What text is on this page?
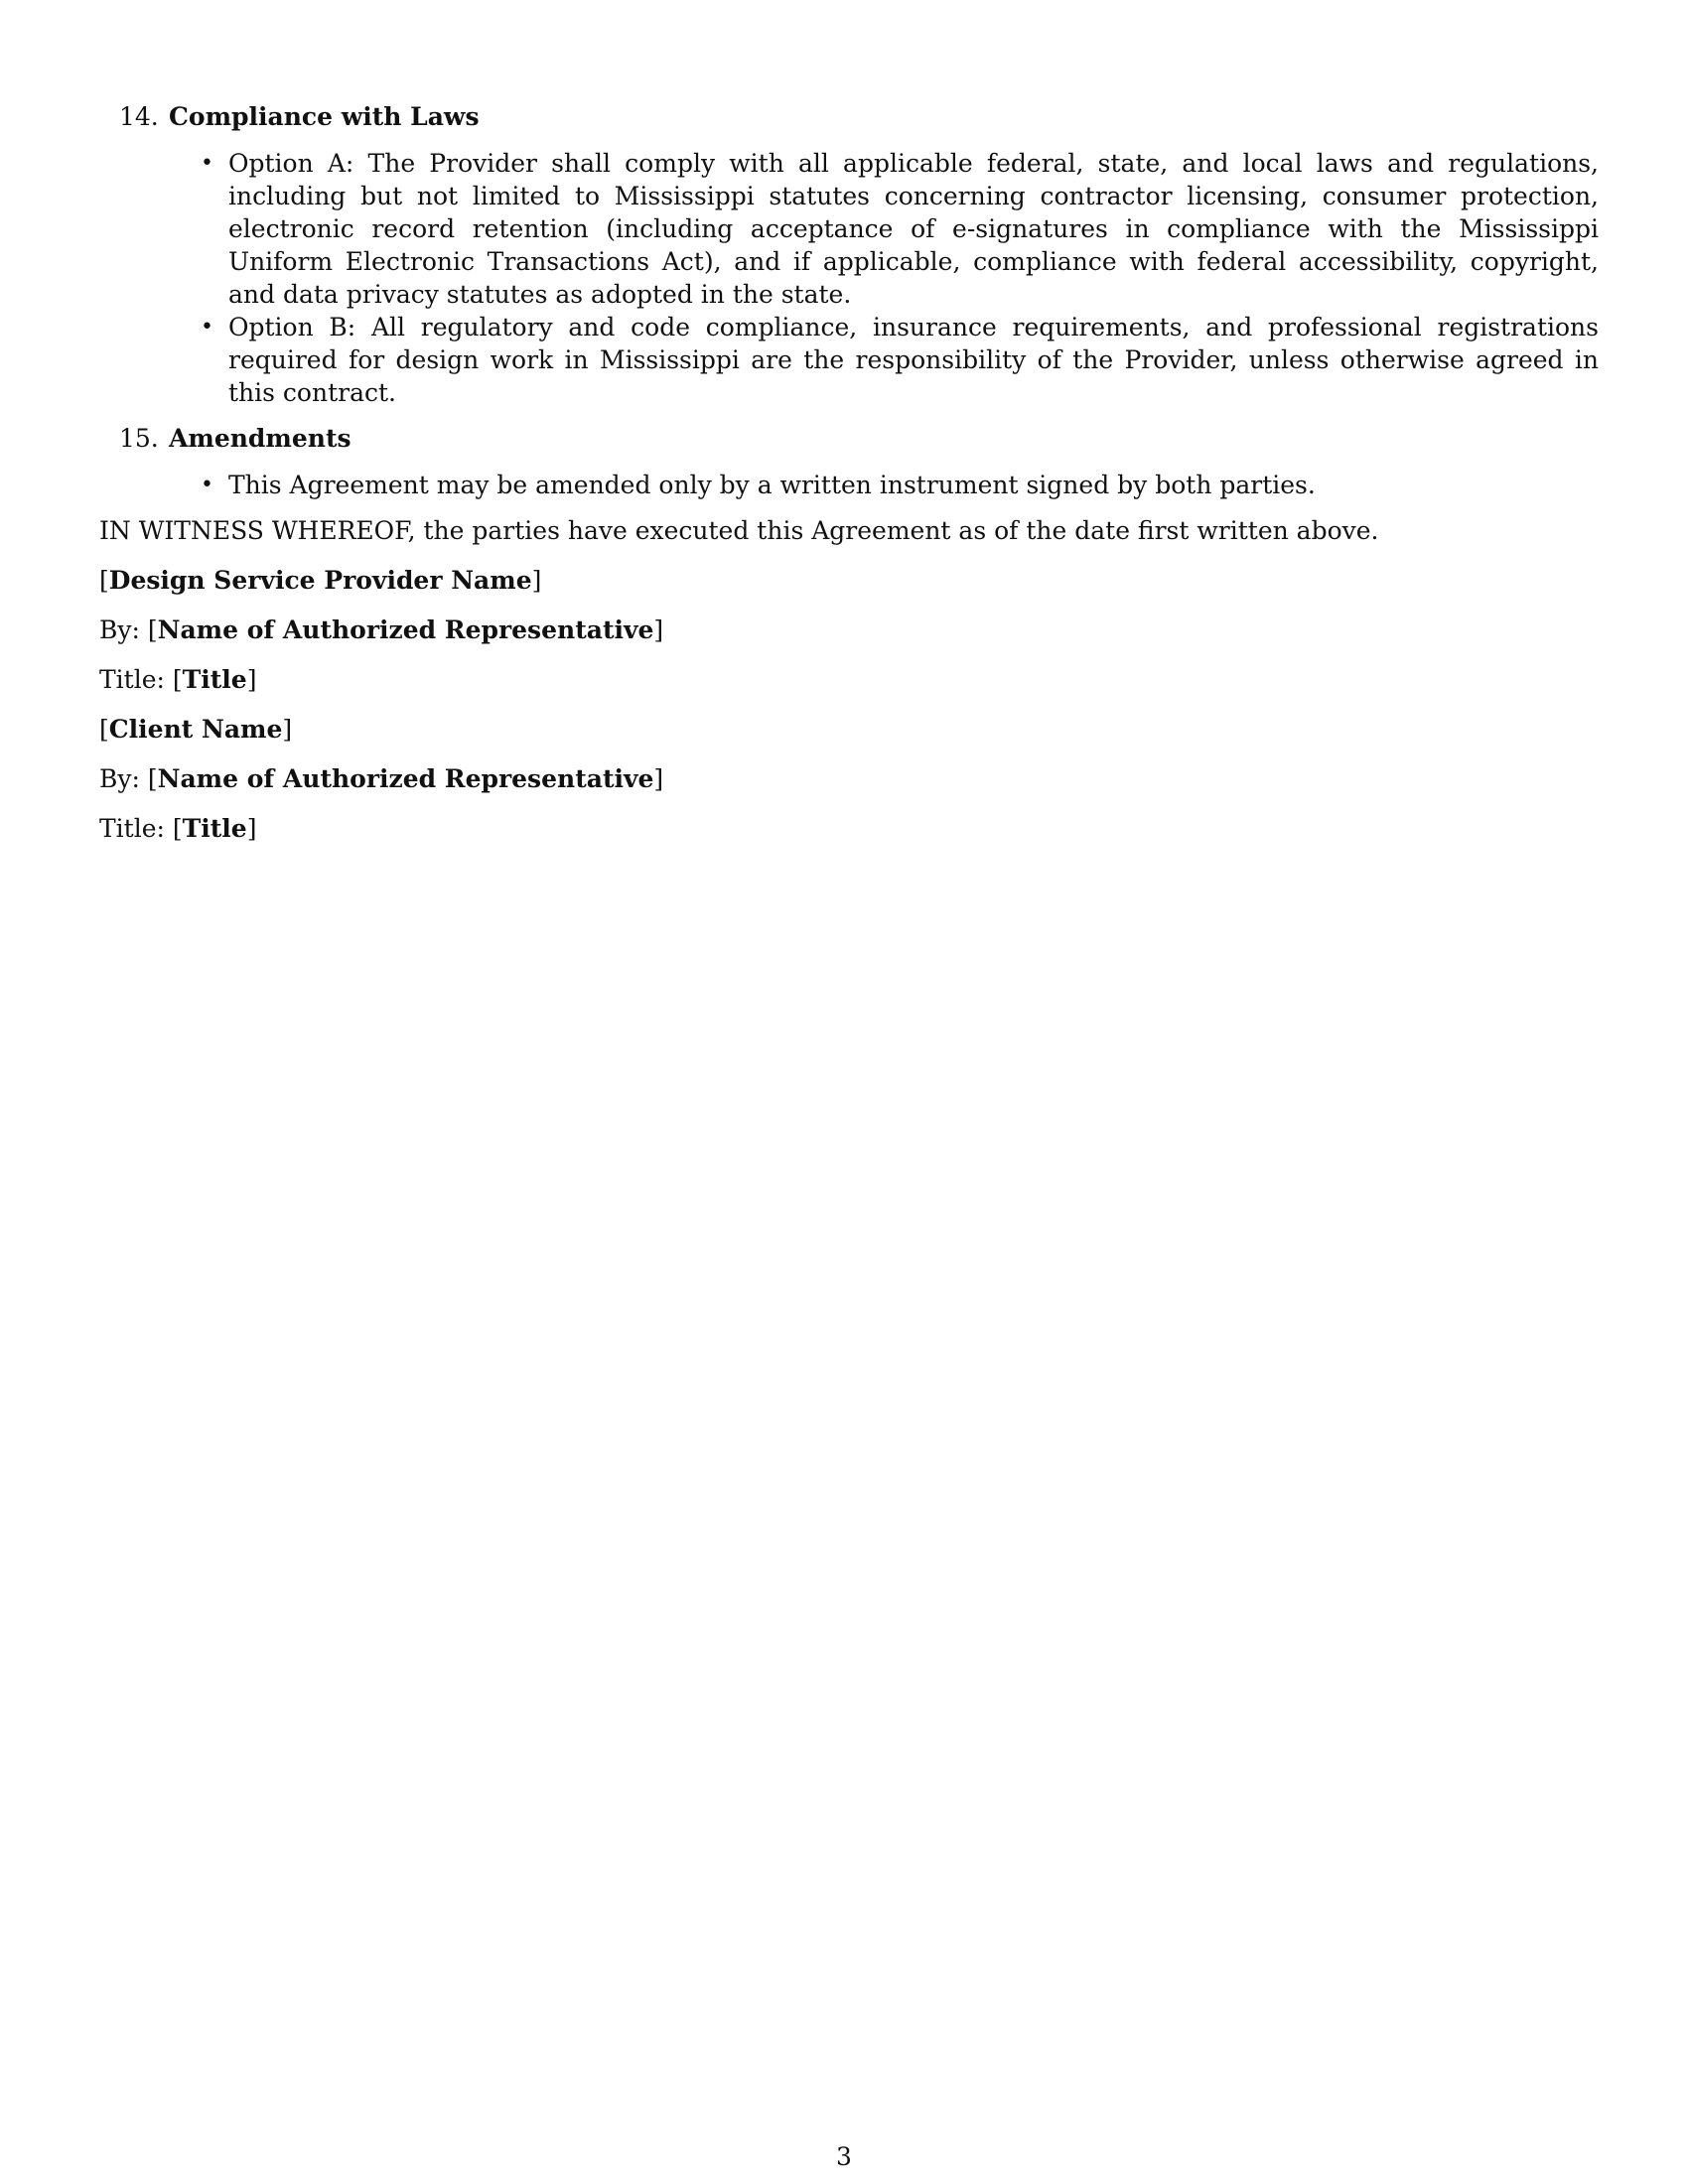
14. Compliance with Laws
• Option A: The Provider shall comply with all applicable federal, state, and local laws and regulations, including but not limited to Mississippi statutes concerning contractor licensing, consumer protection, electronic record retention (including acceptance of e-signatures in compliance with the Mississippi Uniform Electronic Transactions Act), and if applicable, compliance with federal accessibility, copyright, and data privacy statutes as adopted in the state.
• Option B: All regulatory and code compliance, insurance requirements, and professional registrations required for design work in Mississippi are the responsibility of the Provider, unless otherwise agreed in this contract.
15. Amendments
• This Agreement may be amended only by a written instrument signed by both parties.

IN WITNESS WHEREOF, the parties have executed this Agreement as of the date first written above.

[Design Service Provider Name]

By: [Name of Authorized Representative]

Title: [Title]

[Client Name]

By: [Name of Authorized Representative]

Title: [Title]

3
